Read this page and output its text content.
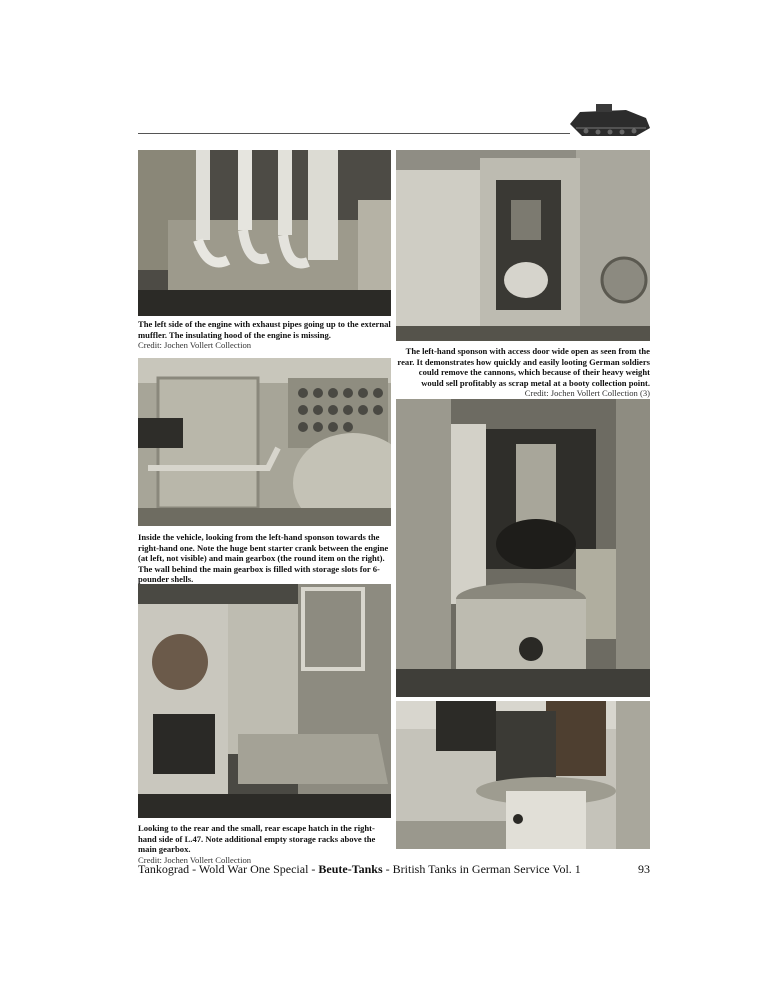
The left side of the engine with exhaust pipes going up to the external muffler. The insulating hood of the engine is missing.
Credit: Jochen Vollert Collection
The left-hand sponson with access door wide open as seen from the rear. It demonstrates how quickly and easily looting German soldiers could remove the cannons, which because of their heavy weight would sell profitably as scrap metal at a booty collection point.
Credit: Jochen Vollert Collection (3)
Inside the vehicle, looking from the left-hand sponson towards the right-hand one. Note the huge bent starter crank between the engine (at left, not visible) and main gearbox (the round item on the right). The wall behind the main gearbox is filled with storage slots for 6-pounder shells.

Looking to the rear and the small, rear escape hatch in the right-hand side of L.47. Note additional empty storage racks above the main gearbox.
Credit: Jochen Vollert Collection
Tankograd - Wold War One Special - Beute-Tanks - British Tanks in German Service Vol. 1	93
